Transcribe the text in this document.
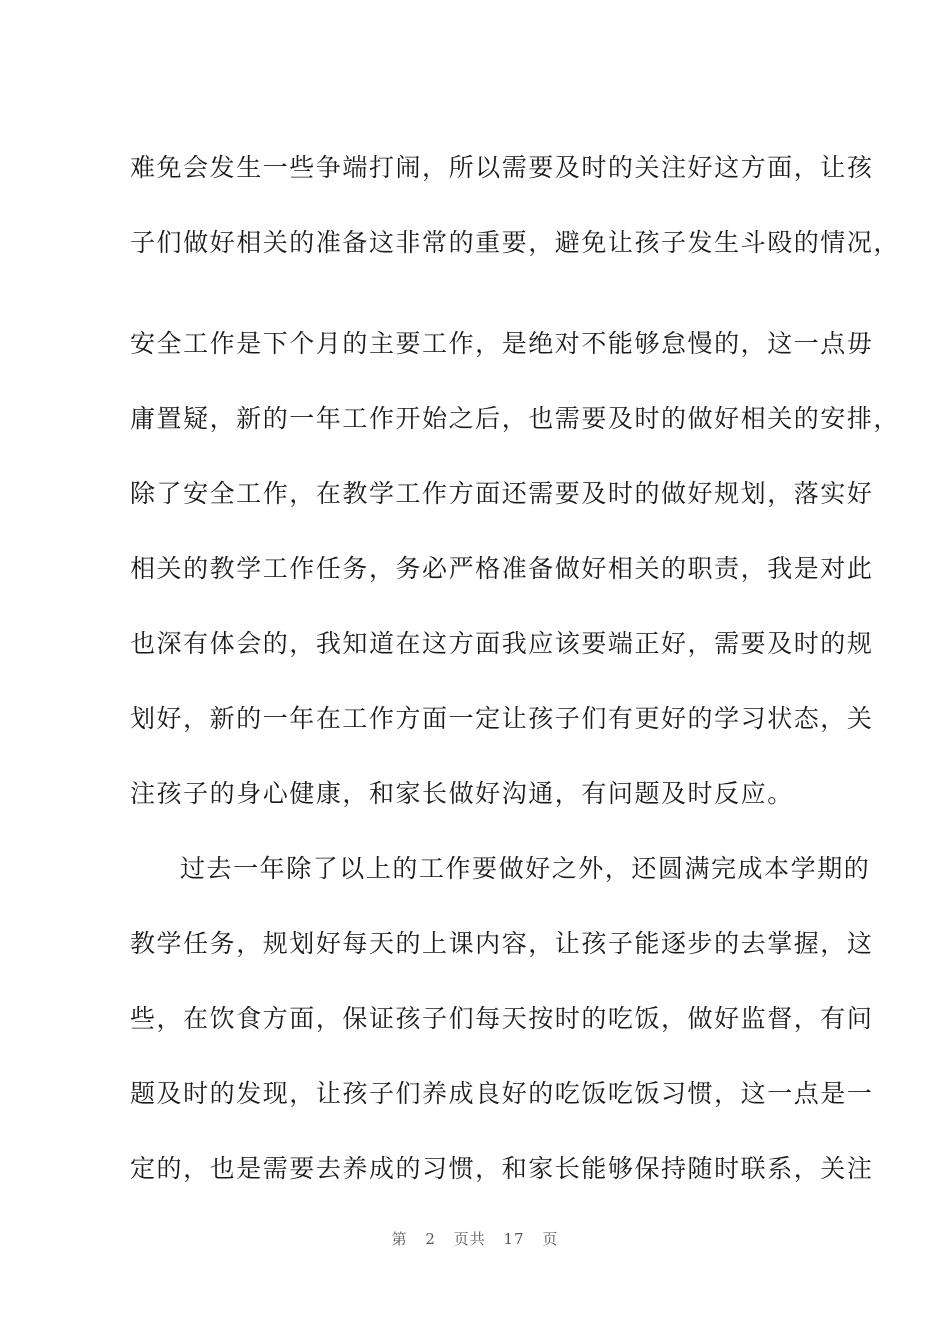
难免会发生一些争端打闹，所以需要及时的关注好这方面，让孩
子们做好相关的准备这非常的重要，避免让孩子发生斗殴的情况，
安全工作是下个月的主要工作，是绝对不能够怠慢的，这一点毋
庸置疑，新的一年工作开始之后，也需要及时的做好相关的安排，
除了安全工作，在教学工作方面还需要及时的做好规划，落实好
相关的教学工作任务，务必严格准备做好相关的职责，我是对此
也深有体会的，我知道在这方面我应该要端正好，需要及时的规
划好，新的一年在工作方面一定让孩子们有更好的学习状态，关
注孩子的身心健康，和家长做好沟通，有问题及时反应。
过去一年除了以上的工作要做好之外，还圆满完成本学期的
教学任务，规划好每天的上课内容，让孩子能逐步的去掌握，这
些，在饮食方面，保证孩子们每天按时的吃饭，做好监督，有问
题及时的发现，让孩子们养成良好的吃饭吃饭习惯，这一点是一
定的，也是需要去养成的习惯，和家长能够保持随时联系，关注
第 2 页共 17 页
